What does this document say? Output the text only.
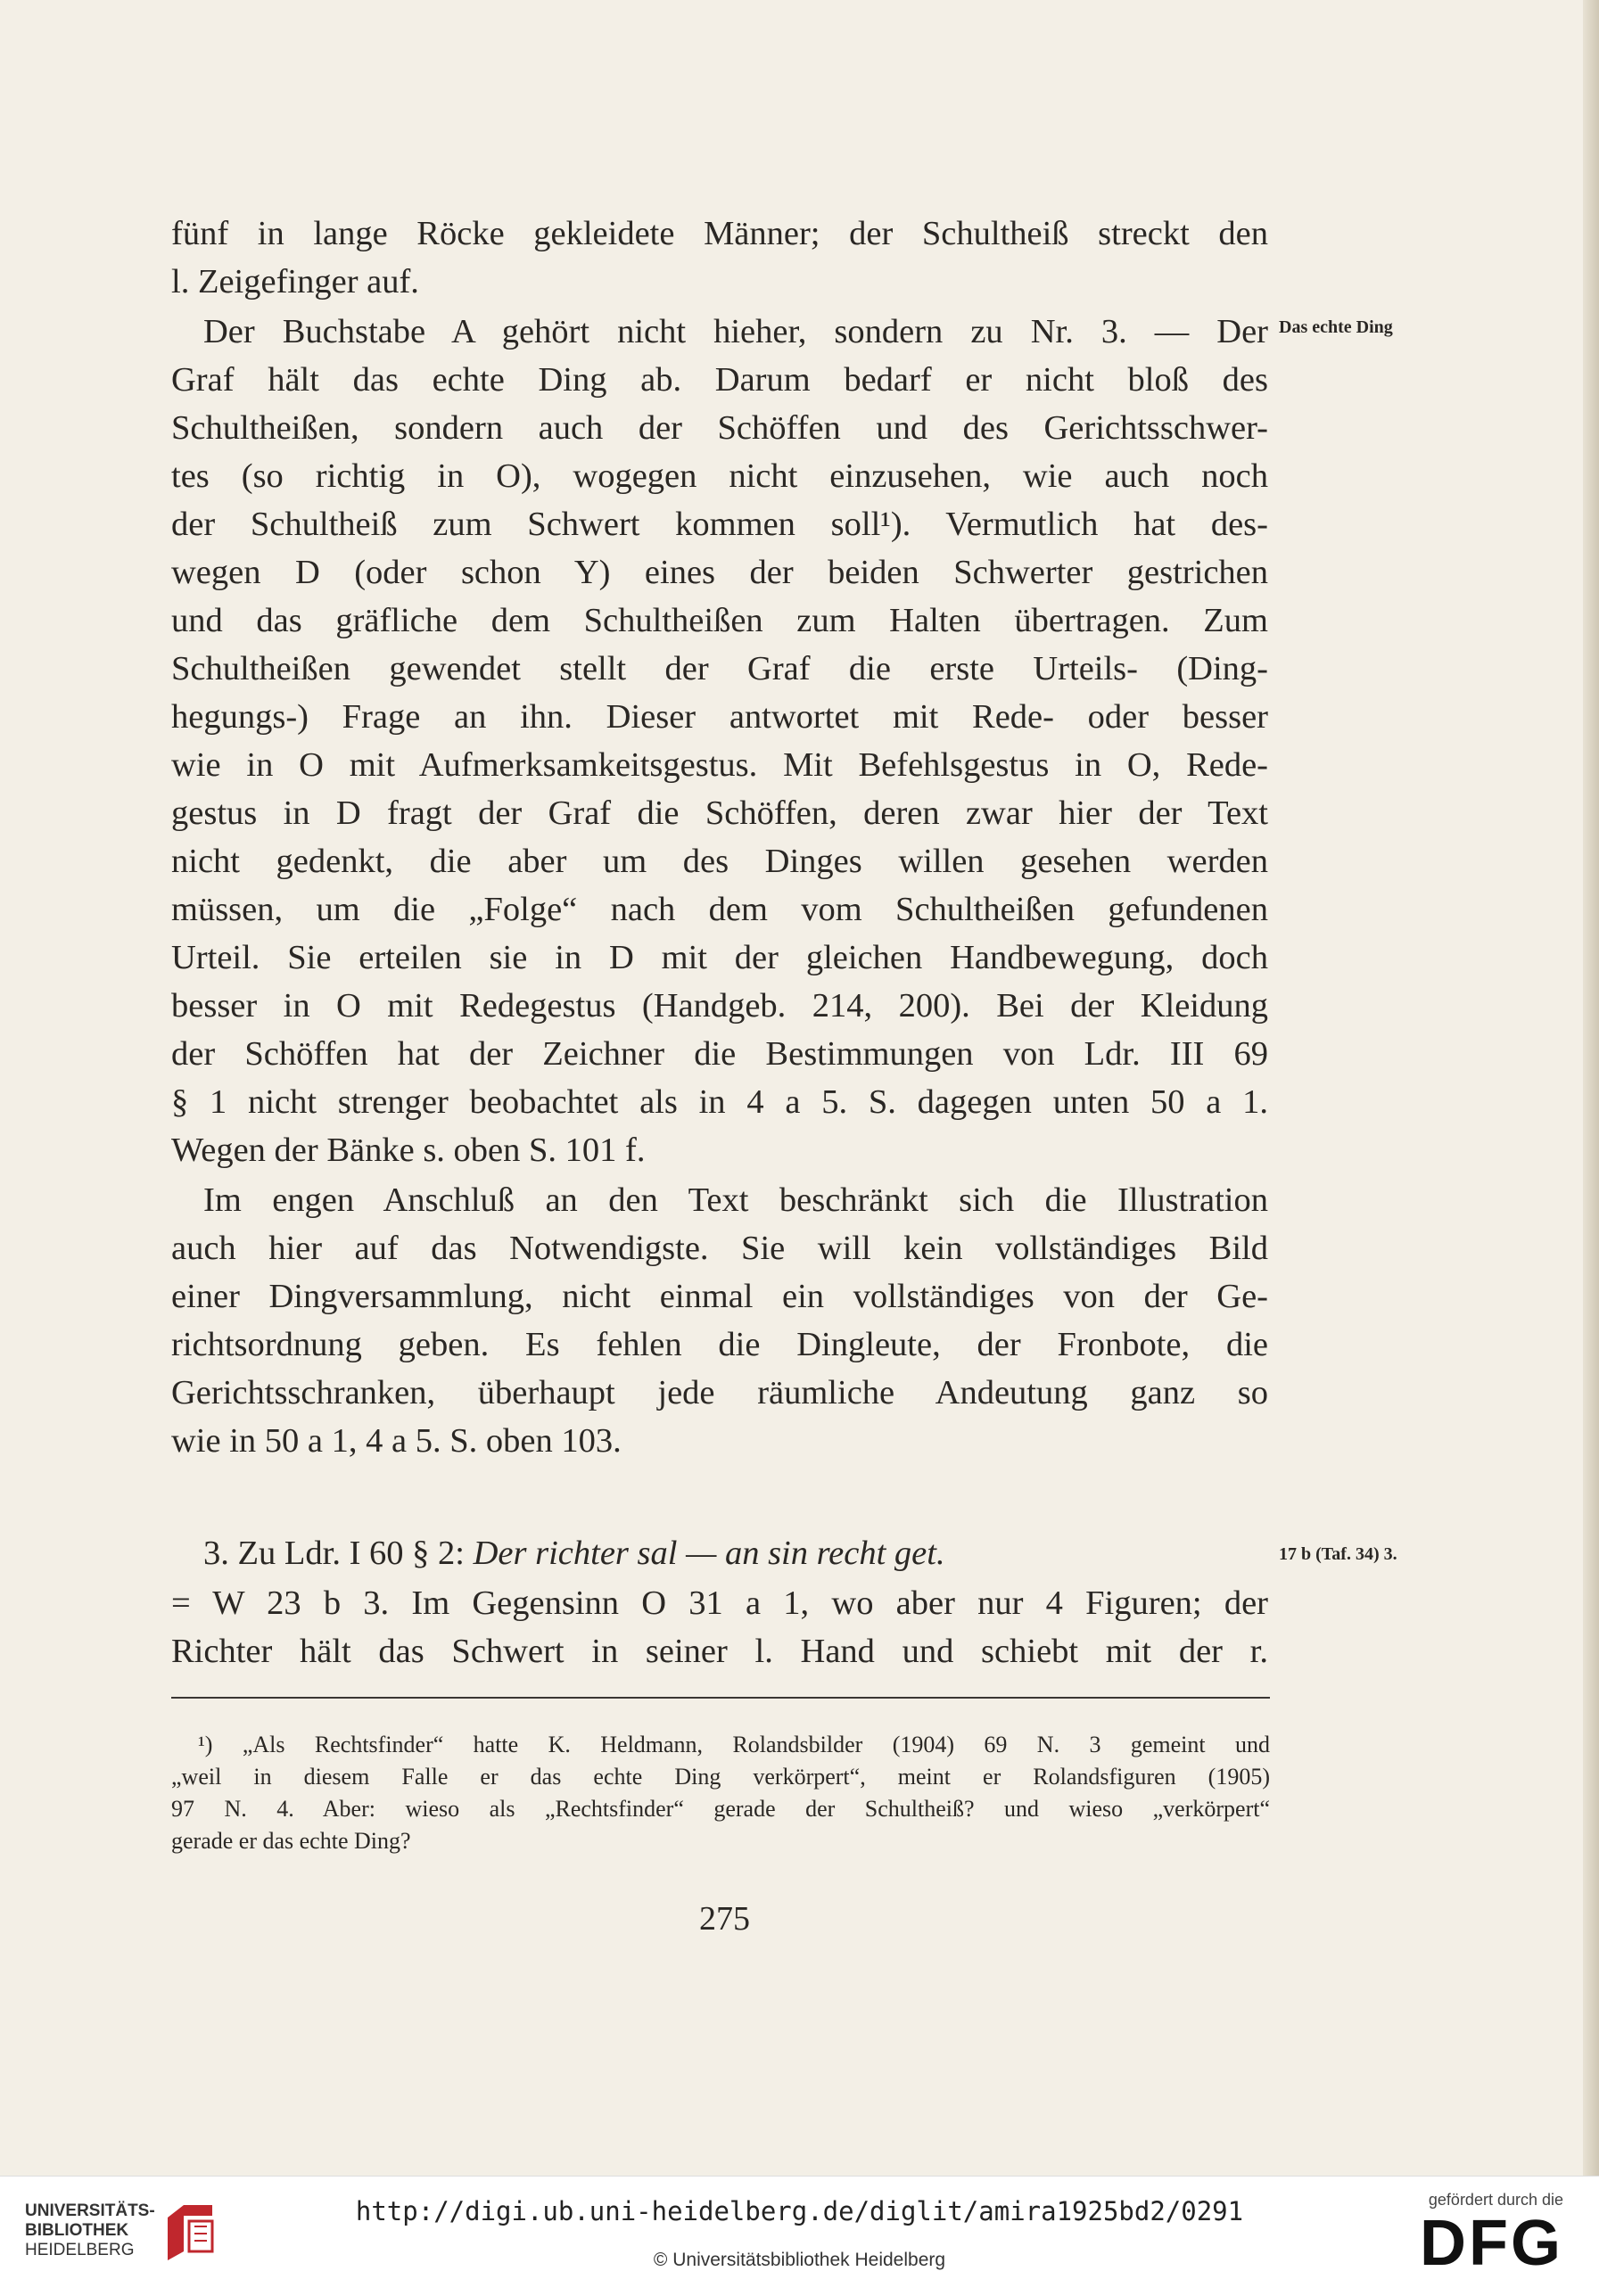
fünf in lange Röcke gekleidete Männer; der Schultheiß streckt den
l. Zeigefinger auf.
Der Buchstabe A gehört nicht hieher, sondern zu Nr. 3. — Der
Graf hält das echte Ding ab. Darum bedarf er nicht bloß des
Schultheißen, sondern auch der Schöffen und des Gerichtsschwer-
tes (so richtig in O), wogegen nicht einzusehen, wie auch noch
der Schultheiß zum Schwert kommen soll¹). Vermutlich hat des-
wegen D (oder schon Y) eines der beiden Schwerter gestrichen
und das gräfliche dem Schultheißen zum Halten übertragen. Zum
Schultheißen gewendet stellt der Graf die erste Urteils- (Ding-
hegungs-) Frage an ihn. Dieser antwortet mit Rede- oder besser
wie in O mit Aufmerksamkeitsgestus. Mit Befehlsgestus in O, Rede-
gestus in D fragt der Graf die Schöffen, deren zwar hier der Text
nicht gedenkt, die aber um des Dinges willen gesehen werden
müssen, um die „Folge“ nach dem vom Schultheißen gefundenen
Urteil. Sie erteilen sie in D mit der gleichen Handbewegung, doch
besser in O mit Redegestus (Handgeb. 214, 200). Bei der Kleidung
der Schöffen hat der Zeichner die Bestimmungen von Ldr. III 69
§ 1 nicht strenger beobachtet als in 4 a 5. S. dagegen unten 50 a 1.
Wegen der Bänke s. oben S. 101 f.
Im engen Anschluß an den Text beschränkt sich die Illustration
auch hier auf das Notwendigste. Sie will kein vollständiges Bild
einer Dingversammlung, nicht einmal ein vollständiges von der Ge-
richtsordnung geben. Es fehlen die Dingleute, der Fronbote, die
Gerichtsschranken, überhaupt jede räumliche Andeutung ganz so
wie in 50 a 1, 4 a 5. S. oben 103.
3. Zu Ldr. I 60 § 2: Der richter sal — an sin recht get.
= W 23 b 3. Im Gegensinn O 31 a 1, wo aber nur 4 Figuren; der
Richter hält das Schwert in seiner l. Hand und schiebt mit der r.
Das echte Ding
17 b (Taf. 34) 3.
¹) „Als Rechtsfinder“ hatte K. Heldmann, Rolandsbilder (1904) 69 N. 3 gemeint und
„weil in diesem Falle er das echte Ding verkörpert“, meint er Rolandsfiguren (1905)
97 N. 4. Aber: wieso als „Rechtsfinder“ gerade der Schultheiß? und wieso „verkörpert“
gerade er das echte Ding?
275
UNIVERSITÄTS-
BIBLIOTHEK
HEIDELBERG
http://digi.ub.uni-heidelberg.de/diglit/amira1925bd2/0291
© Universitätsbibliothek Heidelberg
gefördert durch die
DFG
